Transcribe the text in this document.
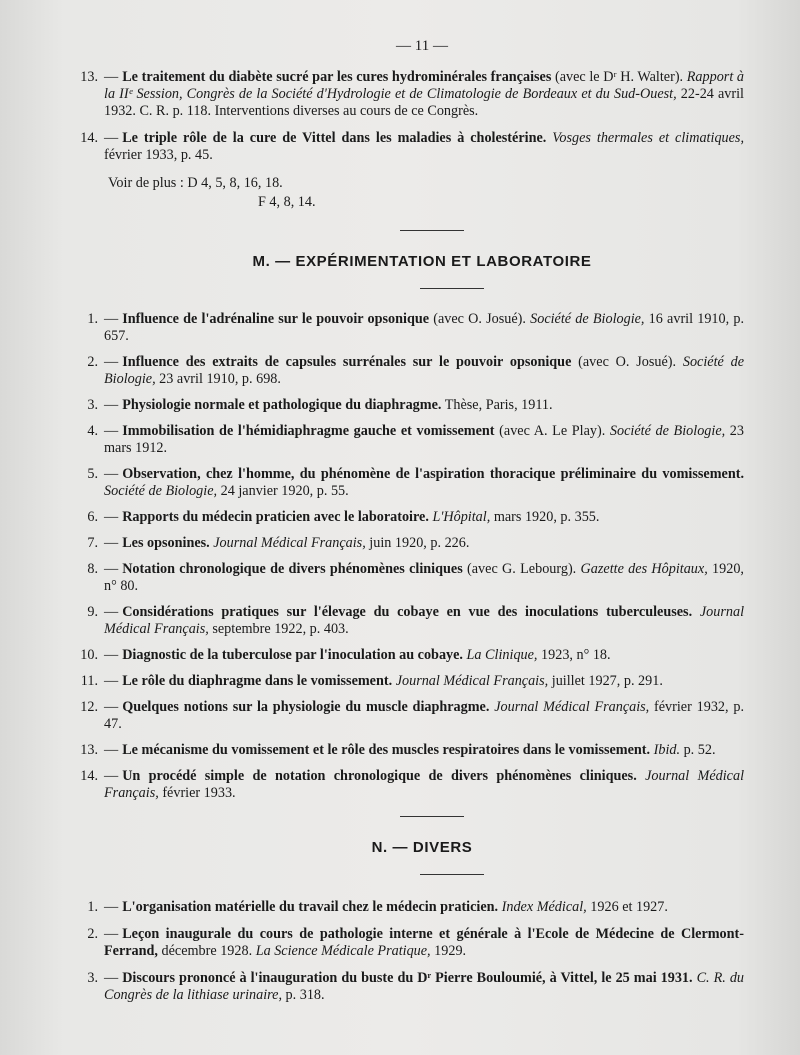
— 11 —
13. — Le traitement du diabète sucré par les cures hydrominérales françaises (avec le Dʳ H. Walter). Rapport à la IIᵉ Session, Congrès de la Société d'Hydrologie et de Climatologie de Bordeaux et du Sud-Ouest, 22-24 avril 1932. C. R. p. 118. Interventions diverses au cours de ce Congrès.
14. — Le triple rôle de la cure de Vittel dans les maladies à cholestérine. Vosges thermales et climatiques, février 1933, p. 45.
Voir de plus : D 4, 5, 8, 16, 18.
F 4, 8, 14.
M. — EXPÉRIMENTATION ET LABORATOIRE
1. — Influence de l'adrénaline sur le pouvoir opsonique (avec O. Josué). Société de Biologie, 16 avril 1910, p. 657.
2. — Influence des extraits de capsules surrénales sur le pouvoir opsonique (avec O. Josué). Société de Biologie, 23 avril 1910, p. 698.
3. — Physiologie normale et pathologique du diaphragme. Thèse, Paris, 1911.
4. — Immobilisation de l'hémidiaphragme gauche et vomissement (avec A. Le Play). Société de Biologie, 23 mars 1912.
5. — Observation, chez l'homme, du phénomène de l'aspiration thoracique préliminaire du vomissement. Société de Biologie, 24 janvier 1920, p. 55.
6. — Rapports du médecin praticien avec le laboratoire. L'Hôpital, mars 1920, p. 355.
7. — Les opsonines. Journal Médical Français, juin 1920, p. 226.
8. — Notation chronologique de divers phénomènes cliniques (avec G. Lebourg). Gazette des Hôpitaux, 1920, n° 80.
9. — Considérations pratiques sur l'élevage du cobaye en vue des inoculations tuberculeuses. Journal Médical Français, septembre 1922, p. 403.
10. — Diagnostic de la tuberculose par l'inoculation au cobaye. La Clinique, 1923, n° 18.
11. — Le rôle du diaphragme dans le vomissement. Journal Médical Français, juillet 1927, p. 291.
12. — Quelques notions sur la physiologie du muscle diaphragme. Journal Médical Français, février 1932, p. 47.
13. — Le mécanisme du vomissement et le rôle des muscles respiratoires dans le vomissement. Ibid. p. 52.
14. — Un procédé simple de notation chronologique de divers phénomènes cliniques. Journal Médical Français, février 1933.
N. — DIVERS
1. — L'organisation matérielle du travail chez le médecin praticien. Index Médical, 1926 et 1927.
2. — Leçon inaugurale du cours de pathologie interne et générale à l'Ecole de Médecine de Clermont-Ferrand, décembre 1928. La Science Médicale Pratique, 1929.
3. — Discours prononcé à l'inauguration du buste du Dʳ Pierre Bouloumié, à Vittel, le 25 mai 1931. C. R. du Congrès de la lithiase urinaire, p. 318.
